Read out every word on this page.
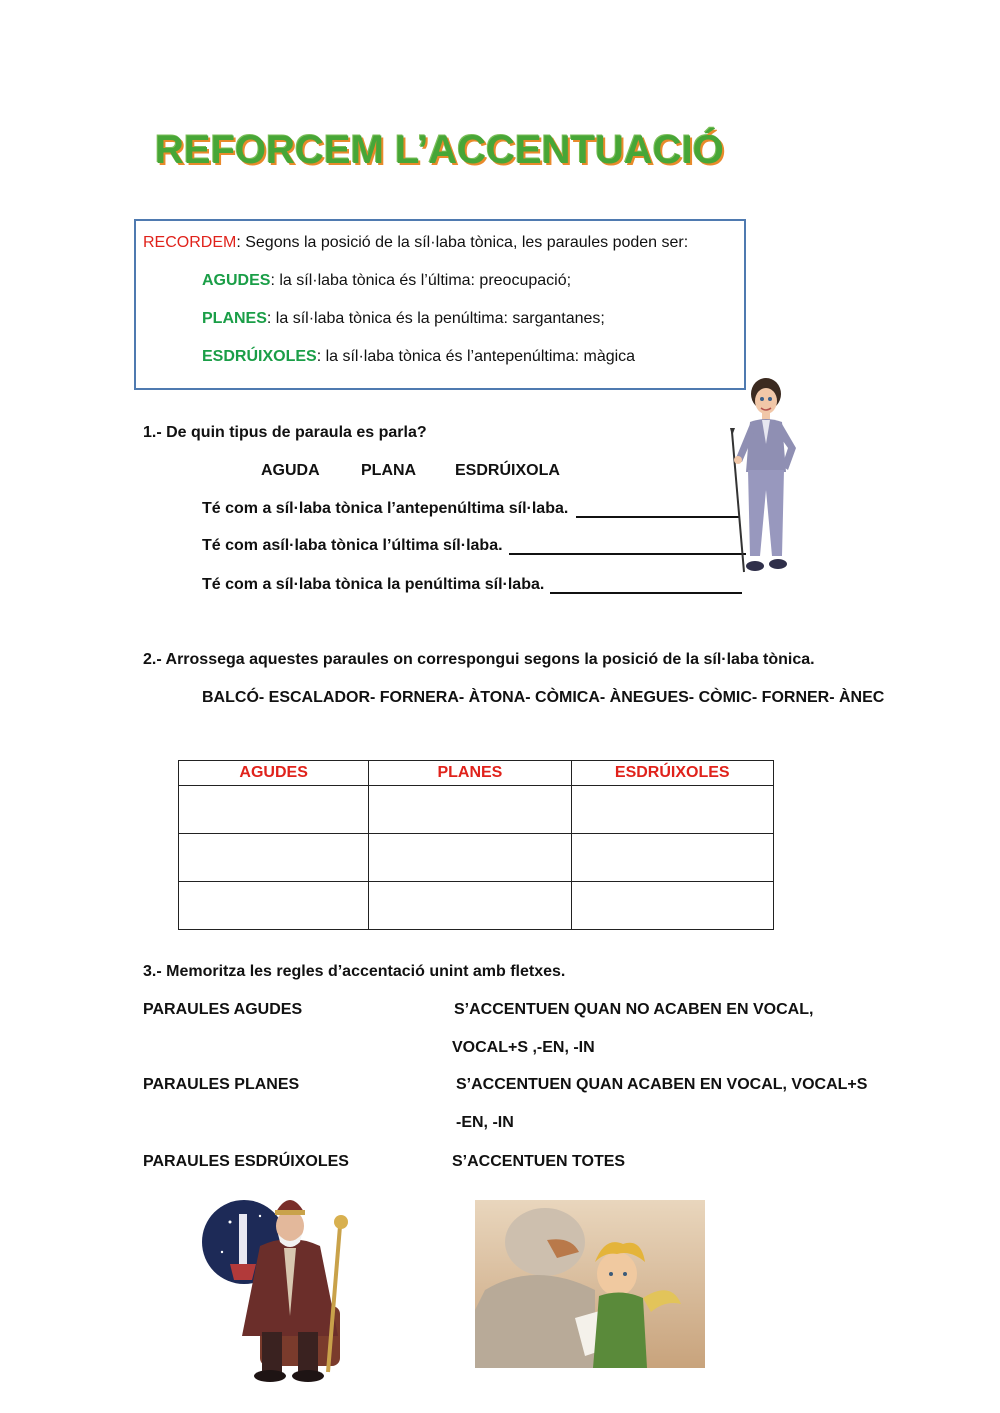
REFORCEM L’ACCENTUACIÓ
RECORDEM: Segons la posició de la síl·laba tònica, les paraules poden ser:
AGUDES: la síl·laba tònica és l’última: preocupació;
PLANES: la síl·laba tònica és la penúltima: sargantanes;
ESDRÚIXOLES: la síl·laba tònica és l’antepenúltima: màgica
1.- De quin tipus de paraula es parla?
AGUDA	PLANA ESDRÚIXOLA
Té com a síl·laba tònica l’antepenúltima síl·laba.
Té com asíl·laba tònica l’última síl·laba.
Té com a síl·laba tònica la penúltima síl·laba.
2.- Arrossega aquestes paraules on correspongui segons la posició de la síl·laba tònica.
BALCÓ- ESCALADOR- FORNERA- ÀTONA- CÒMICA- ÀNEGUES- CÒMIC- FORNER- ÀNEC
AGUDES	PLANES	ESDRÚIXOLES

3.- Memoritza les regles d’accentació unint amb fletxes.
PARAULES AGUDES	S’ACCENTUEN QUAN NO ACABEN EN VOCAL,
VOCAL+S ,-EN, -IN
PARAULES PLANES	S’ACCENTUEN QUAN ACABEN EN VOCAL, VOCAL+S
-EN, -IN
PARAULES ESDRÚIXOLES	S’ACCENTUEN TOTES
